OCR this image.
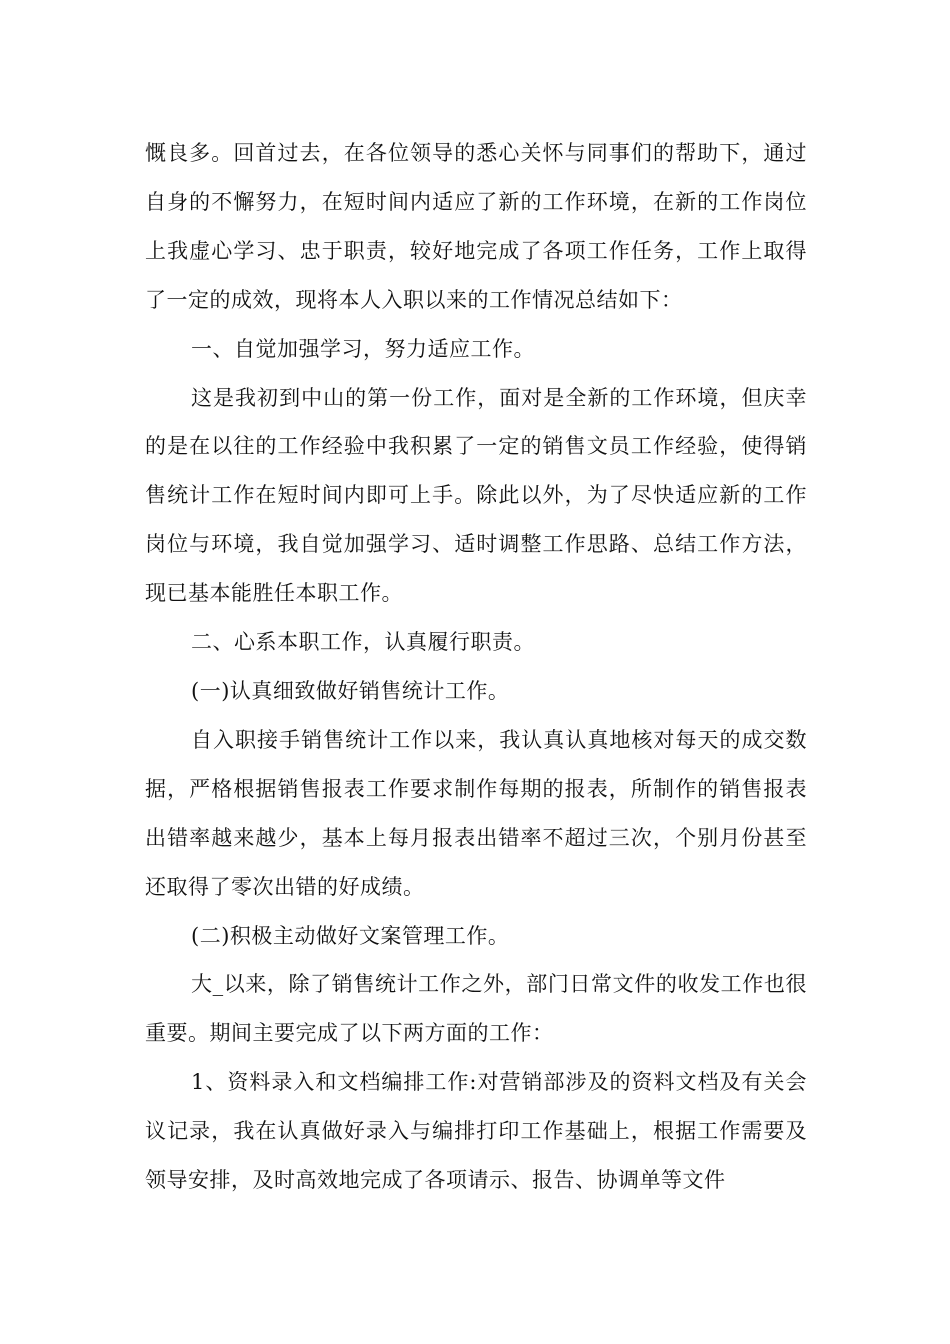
慨良多。回首过去，在各位领导的悉心关怀与同事们的帮助下，通过自身的不懈努力，在短时间内适应了新的工作环境，在新的工作岗位上我虚心学习、忠于职责，较好地完成了各项工作任务，工作上取得了一定的成效，现将本人入职以来的工作情况总结如下：

一、自觉加强学习，努力适应工作。

这是我初到中山的第一份工作，面对是全新的工作环境，但庆幸的是在以往的工作经验中我积累了一定的销售文员工作经验，使得销售统计工作在短时间内即可上手。除此以外，为了尽快适应新的工作岗位与环境，我自觉加强学习、适时调整工作思路、总结工作方法，现已基本能胜任本职工作。

二、心系本职工作，认真履行职责。

(一)认真细致做好销售统计工作。

自入职接手销售统计工作以来，我认真认真地核对每天的成交数据，严格根据销售报表工作要求制作每期的报表，所制作的销售报表出错率越来越少，基本上每月报表出错率不超过三次，个别月份甚至还取得了零次出错的好成绩。

(二)积极主动做好文案管理工作。

大_以来，除了销售统计工作之外，部门日常文件的收发工作也很重要。期间主要完成了以下两方面的工作：

1、资料录入和文档编排工作:对营销部涉及的资料文档及有关会议记录，我在认真做好录入与编排打印工作基础上，根据工作需要及领导安排，及时高效地完成了各项请示、报告、协调单等文件
